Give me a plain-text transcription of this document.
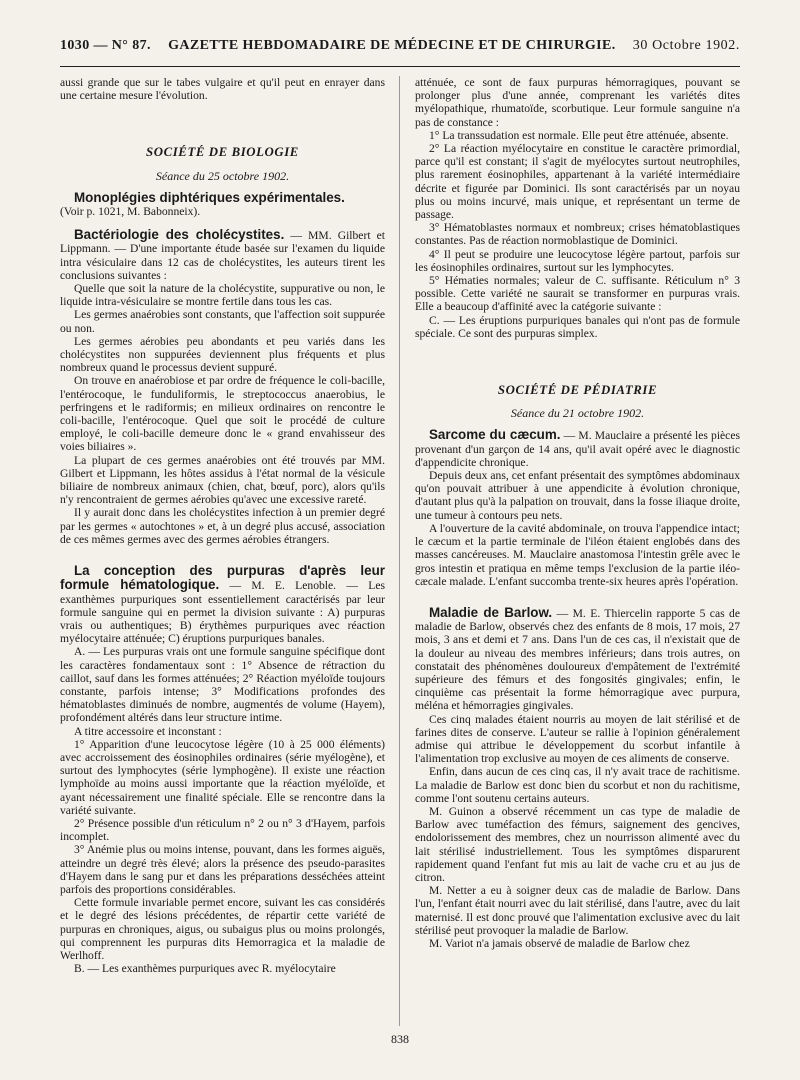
1030 — N° 87. GAZETTE HEBDOMADAIRE DE MÉDECINE ET DE CHIRURGIE. 30 Octobre 1902.

aussi grande que sur le tabes vulgaire et qu'il peut en enrayer dans une certaine mesure l'évolution.

SOCIÉTÉ DE BIOLOGIE
Séance du 25 octobre 1902.

Monoplégies diphtériques expérimentales.

(Voir p. 1021, M. Babonneix).

Bactériologie des cholécystites. — MM. Gilbert et Lippmann. — D'une importante étude basée sur l'examen du liquide intra vésiculaire dans 12 cas de cholécystites, les auteurs tirent les conclusions suivantes :

Quelle que soit la nature de la cholécystite, suppurative ou non, le liquide intra-vésiculaire se montre fertile dans tous les cas.

Les germes anaérobies sont constants, que l'affection soit suppurée ou non.

Les germes aérobies peu abondants et peu variés dans les cholécystites non suppurées deviennent plus fréquents et plus nombreux quand le processus devient suppuré.

On trouve en anaérobiose et par ordre de fréquence le coli-bacille, l'entérocoque, le funduliformis, le streptococcus anaerobius, le perfringens et le radiformis; en milieux ordinaires on rencontre le coli-bacille, l'entérocoque. Quel que soit le procédé de culture employé, le coli-bacille demeure donc le « grand envahisseur des voies biliaires ».

La plupart de ces germes anaérobies ont été trouvés par MM. Gilbert et Lippmann, les hôtes assidus à l'état normal de la vésicule biliaire de nombreux animaux (chien, chat, bœuf, porc), alors qu'ils n'y rencontraient de germes aérobies qu'avec une excessive rareté.

Il y aurait donc dans les cholécystites infection à un premier degré par les germes « autochtones » et, à un degré plus accusé, association de ces mêmes germes avec des germes aérobies étrangers.

La conception des purpuras d'après leur formule hématologique. — M. E. Lenoble. — Les exanthèmes purpuriques sont essentiellement caractérisés par leur formule sanguine qui en permet la division suivante : A) purpuras vrais ou authentiques; B) érythèmes purpuriques avec réaction myélocytaire atténuée; C) éruptions purpuriques banales.

A. — Les purpuras vrais ont une formule sanguine spécifique dont les caractères fondamentaux sont : 1° Absence de rétraction du caillot, sauf dans les formes atténuées; 2° Réaction myéloïde toujours constante, parfois intense; 3° Modifications profondes des hématoblastes diminués de nombre, augmentés de volume (Hayem), profondément altérés dans leur structure intime.

A titre accessoire et inconstant :

1° Apparition d'une leucocytose légère (10 à 25 000 éléments) avec accroissement des éosinophiles ordinaires (série myélogène), et surtout des lymphocytes (série lymphogène). Il existe une réaction lymphoïde au moins aussi importante que la réaction myéloïde, et ayant nécessairement une finalité spéciale. Elle se rencontre dans la variété suivante.

2° Présence possible d'un réticulum n° 2 ou n° 3 d'Hayem, parfois incomplet.

3° Anémie plus ou moins intense, pouvant, dans les formes aiguës, atteindre un degré très élevé; alors la présence des pseudo-parasites d'Hayem dans le sang pur et dans les préparations desséchées atteint parfois des proportions considérables.

Cette formule invariable permet encore, suivant les cas considérés et le degré des lésions précédentes, de répartir cette variété de purpuras en chroniques, aigus, ou subaigus plus ou moins prolongés, qui comprennent les purpuras dits Hemorragica et la maladie de Werlhoff.

B. — Les exanthèmes purpuriques avec R. myélocytaire

atténuée, ce sont de faux purpuras hémorragiques, pouvant se prolonger plus d'une année, comprenant les variétés dites myélopathique, rhumatoïde, scorbutique. Leur formule sanguine n'a pas de constance :

1° La transsudation est normale. Elle peut être atténuée, absente.

2° La réaction myélocytaire en constitue le caractère primordial, parce qu'il est constant; il s'agit de myélocytes surtout neutrophiles, plus rarement éosinophiles, appartenant à la variété intermédiaire décrite et figurée par Dominici. Ils sont caractérisés par un noyau plus ou moins incurvé, mais unique, et représentant un terme de passage.

3° Hématoblastes normaux et nombreux; crises hématoblastiques constantes. Pas de réaction normoblastique de Dominici.

4° Il peut se produire une leucocytose légère partout, parfois sur les éosinophiles ordinaires, surtout sur les lymphocytes.

5° Hématies normales; valeur de C. suffisante. Réticulum n° 3 possible. Cette variété ne saurait se transformer en purpuras vrais. Elle a beaucoup d'affinité avec la catégorie suivante :

C. — Les éruptions purpuriques banales qui n'ont pas de formule spéciale. Ce sont des purpuras simplex.

SOCIÉTÉ DE PÉDIATRIE
Séance du 21 octobre 1902.

Sarcome du cæcum. — M. Mauclaire a présenté les pièces provenant d'un garçon de 14 ans, qu'il avait opéré avec le diagnostic d'appendicite chronique.

Depuis deux ans, cet enfant présentait des symptômes abdominaux qu'on pouvait attribuer à une appendicite à évolution chronique, d'autant plus qu'à la palpation on trouvait, dans la fosse iliaque droite, une tumeur à contours peu nets.

A l'ouverture de la cavité abdominale, on trouva l'appendice intact; le cæcum et la partie terminale de l'iléon étaient englobés dans des masses cancéreuses. M. Mauclaire anastomosa l'intestin grêle avec le gros intestin et pratiqua en même temps l'exclusion de la partie iléo-cæcale malade. L'enfant succomba trente-six heures après l'opération.

Maladie de Barlow. — M. E. Thiercelin rapporte 5 cas de maladie de Barlow, observés chez des enfants de 8 mois, 17 mois, 27 mois, 3 ans et demi et 7 ans. Dans l'un de ces cas, il n'existait que de la douleur au niveau des membres inférieurs; dans trois autres, on constatait des phénomènes douloureux d'empâtement de l'extrémité supérieure des fémurs et des fongosités gingivales; enfin, le cinquième cas présentait la forme hémorragique avec purpura, méléna et hémorragies gingivales.

Ces cinq malades étaient nourris au moyen de lait stérilisé et de farines dites de conserve. L'auteur se rallie à l'opinion généralement admise qui attribue le développement du scorbut infantile à l'alimentation trop exclusive au moyen de ces aliments de conserve.

Enfin, dans aucun de ces cinq cas, il n'y avait trace de rachitisme. La maladie de Barlow est donc bien du scorbut et non du rachitisme, comme l'ont soutenu certains auteurs.

M. Guinon a observé récemment un cas type de maladie de Barlow avec tuméfaction des fémurs, saignement des gencives, endolorissement des membres, chez un nourrisson alimenté avec du lait stérilisé industriellement. Tous les symptômes disparurent rapidement quand l'enfant fut mis au lait de vache cru et au jus de citron.

M. Netter a eu à soigner deux cas de maladie de Barlow. Dans l'un, l'enfant était nourri avec du lait stérilisé, dans l'autre, avec du lait maternisé. Il est donc prouvé que l'alimentation exclusive avec du lait stérilisé peut provoquer la maladie de Barlow.

M. Variot n'a jamais observé de maladie de Barlow chez

838
